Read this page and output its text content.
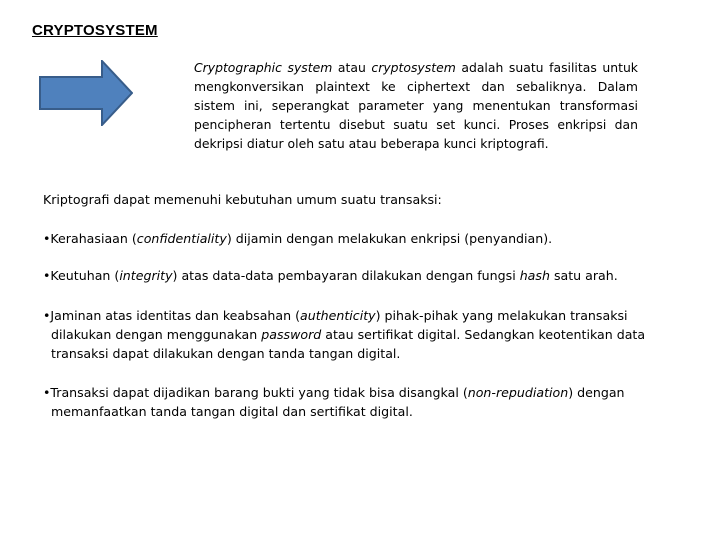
CRYPTOSYSTEM
Cryptographic system atau cryptosystem adalah suatu fasilitas untuk mengkonversikan plaintext ke ciphertext dan sebaliknya. Dalam sistem ini, seperangkat parameter yang menentukan transformasi pencipheran tertentu disebut suatu set kunci. Proses enkripsi dan dekripsi diatur oleh satu atau beberapa kunci kriptografi.
Kriptografi dapat memenuhi kebutuhan umum suatu transaksi:
•Kerahasiaan (confidentiality) dijamin dengan melakukan enkripsi (penyandian).
•Keutuhan (integrity) atas data-data pembayaran dilakukan dengan fungsi hash satu arah.
•Jaminan atas identitas dan keabsahan (authenticity) pihak-pihak yang melakukan transaksi
dilakukan dengan menggunakan password atau sertifikat digital. Sedangkan keotentikan data transaksi dapat dilakukan dengan tanda tangan digital.
•Transaksi dapat dijadikan barang bukti yang tidak bisa disangkal (non-repudiation) dengan
memanfaatkan tanda tangan digital dan sertifikat digital.
